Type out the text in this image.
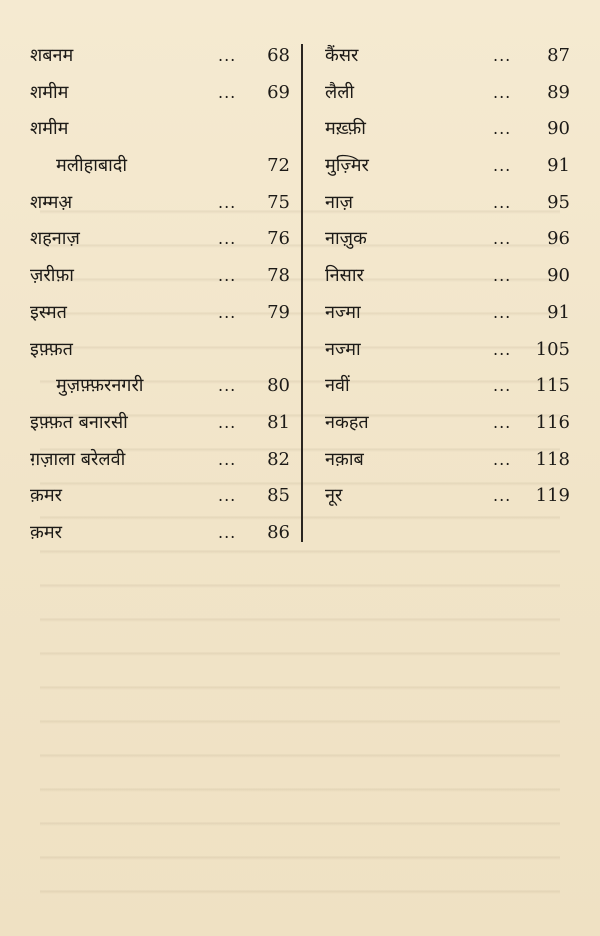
शबनम	... 68
शमीम	... 69
शमीम
मलीहाबादी	72
शम्मअ़	... 75
शहनाज़	... 76
ज़रीफ़ा	... 78
इस्मत	... 79
इफ़्फ़त
मुज़फ़्फ़रनगरी	... 80
इफ़्फ़त बनारसी	... 81
ग़ज़ाला बरेलवी	... 82
क़मर	... 85
क़मर	... 86
कैंसर	... 87
लैली	... 89
मख़्फ़ी	... 90
मुज़्मिर	... 91
नाज़	... 95
नाज़ुक	... 96
निसार	... 90
नज्मा	... 91
नज्मा	... 105
नवीं	... 115
नकहत	... 116
नक़ाब	... 118
नूर	... 119
